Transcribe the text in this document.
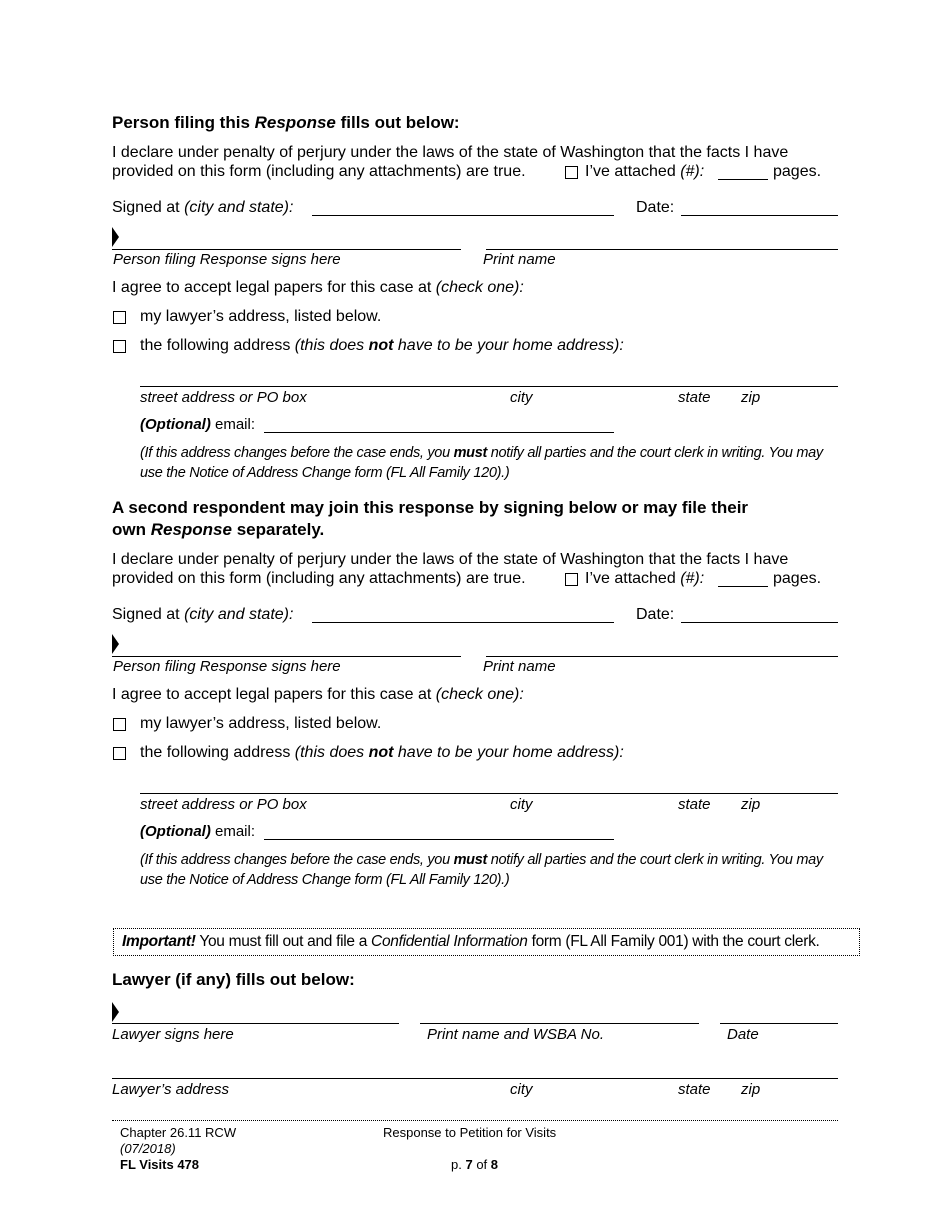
Person filing this Response fills out below:
I declare under penalty of perjury under the laws of the state of Washington that the facts I have
provided on this form (including any attachments) are true.	I’ve attached (#):	pages.
Signed at (city and state):	Date:
Person filing Response signs here	Print name
I agree to accept legal papers for this case at (check one):
my lawyer’s address, listed below.
the following address (this does not have to be your home address):
street address or PO box	city	state zip
(Optional) email:
(If this address changes before the case ends, you must notify all parties and the court clerk in writing. You may use the Notice of Address Change form (FL All Family 120).)
A second respondent may join this response by signing below or may file their
own Response separately.
I declare under penalty of perjury under the laws of the state of Washington that the facts I have
provided on this form (including any attachments) are true.	I’ve attached (#):	pages.
Signed at (city and state):	Date:
Person filing Response signs here	Print name
I agree to accept legal papers for this case at (check one):
my lawyer’s address, listed below.
the following address (this does not have to be your home address):
street address or PO box	city	state zip
(Optional) email:
(If this address changes before the case ends, you must notify all parties and the court clerk in writing. You may use the Notice of Address Change form (FL All Family 120).)
Important! You must fill out and file a Confidential Information form (FL All Family 001) with the court clerk.
Lawyer (if any) fills out below:
Lawyer signs here	Print name and WSBA No.	Date
Lawyer’s address	city	state zip
Chapter 26.11 RCW
(07/2018)
FL Visits 478
Response to Petition for Visits
p. 7 of 8
